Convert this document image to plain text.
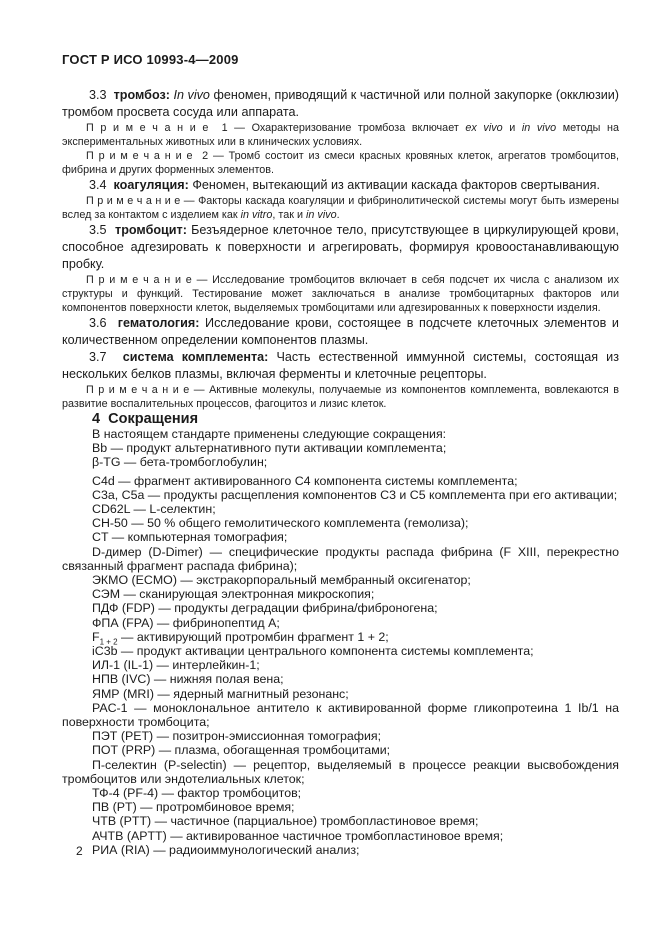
ГОСТ Р ИСО 10993-4—2009

3.3  тромбоз: In vivo феномен, приводящий к частичной или полной закупорке (окклюзии) тромбом просвета сосуда или аппарата.

П р и м е ч а н и е  1 — Охарактеризование тромбоза включает ex vivo и in vivo методы на экспериментальных животных или в клинических условиях.

П р и м е ч а н и е  2 — Тромб состоит из смеси красных кровяных клеток, агрегатов тромбоцитов, фибрина и других форменных элементов.

3.4  коагуляция: Феномен, вытекающий из активации каскада факторов свертывания.

П р и м е ч а н и е — Факторы каскада коагуляции и фибринолитической системы могут быть измерены вслед за контактом с изделием как in vitro, так и in vivo.

3.5  тромбоцит: Безъядерное клеточное тело, присутствующее в циркулирующей крови, способное адгезировать к поверхности и агрегировать, формируя кровоостанавливающую пробку.

П р и м е ч а н и е — Исследование тромбоцитов включает в себя подсчет их числа с анализом их структуры и функций. Тестирование может заключаться в анализе тромбоцитарных факторов или компонентов поверхности клеток, выделяемых тромбоцитами или адгезированных к поверхности изделия.

3.6  гематология: Исследование крови, состоящее в подсчете клеточных элементов и количественном определении компонентов плазмы.

3.7  система комплемента: Часть естественной иммунной системы, состоящая из нескольких белков плазмы, включая ферменты и клеточные рецепторы.

П р и м е ч а н и е — Активные молекулы, получаемые из компонентов комплемента, вовлекаются в развитие воспалительных процессов, фагоцитоз и лизис клеток.

4  Сокращения

В настоящем стандарте применены следующие сокращения:

Bb — продукт альтернативного пути активации комплемента;

β-TG — бета-тромбоглобулин;

C4d — фрагмент активированного C4 компонента системы комплемента;

C3a, C5a — продукты расщепления компонентов C3 и C5 комплемента при его активации;

CD62L — L-селектин;

CH-50 — 50 % общего гемолитического комплемента (гемолиза);

CT — компьютерная томография;

D-димер (D-Dimer) — специфические продукты распада фибрина (F XIII, перекрестно связанный фрагмент распада фибрина);

ЭКМО (ECMO) — экстракорпоральный мембранный оксигенатор;

СЭМ — сканирующая электронная микроскопия;

ПДФ (FDP) — продукты деградации фибрина/фиброногена;

ФПА (FPA) — фибринопептид A;

$F_{1 + 2}$ — активирующий протромбин фрагмент 1 + 2;

iC3b — продукт активации центрального компонента системы комплемента;

ИЛ-1 (IL-1) — интерлейкин-1;

НПВ (IVC) — нижняя полая вена;

ЯМР (MRI) — ядерный магнитный резонанс;

PAC-1 — моноклональное антитело к активированной форме гликопротеина 1 Ib/1 на поверхности тромбоцита;

ПЭТ (PET) — позитрон-эмиссионная томография;

ПОТ (PRP) — плазма, обогащенная тромбоцитами;

П-селектин (P-selectin) — рецептор, выделяемый в процессе реакции высвобождения тромбоцитов или эндотелиальных клеток;

ТФ-4 (PF-4) — фактор тромбоцитов;

ПВ (PT) — протромбиновое время;

ЧТВ (PTT) — частичное (парциальное) тромбопластиновое время;

АЧТВ (APTT) — активированное частичное тромбопластиновое время;

РИА (RIA) — радиоиммунологический анализ;

2
